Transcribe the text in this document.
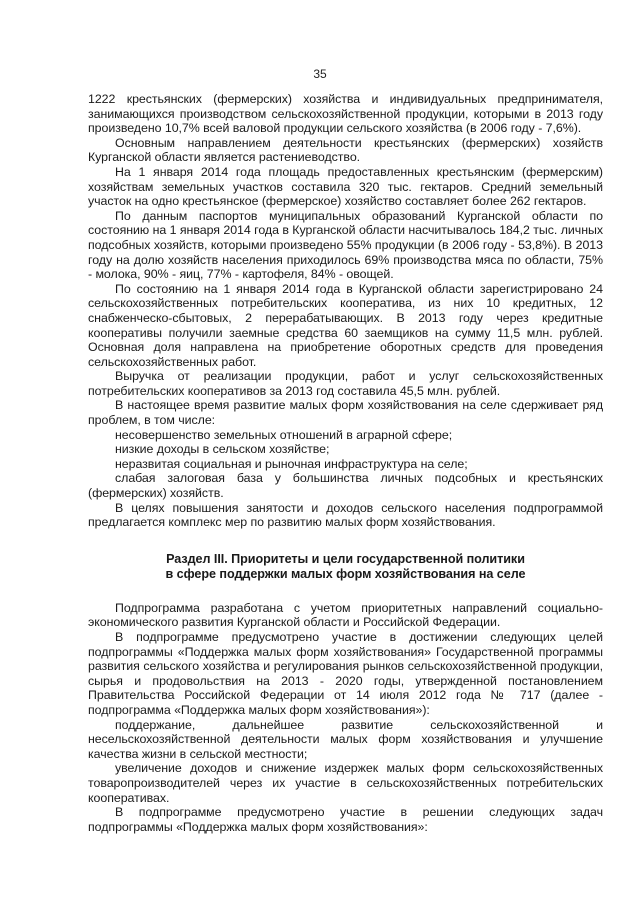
35

1222 крестьянских (фермерских) хозяйства и индивидуальных предпринимателя, занимающихся производством сельскохозяйственной продукции, которыми в 2013 году произведено 10,7% всей валовой продукции сельского хозяйства (в 2006 году - 7,6%).

Основным направлением деятельности крестьянских (фермерских) хозяйств Курганской области является растениеводство.

На 1 января 2014 года площадь предоставленных крестьянским (фермерским) хозяйствам земельных участков составила 320 тыс. гектаров. Средний земельный участок на одно крестьянское (фермерское) хозяйство составляет более 262 гектаров.

По данным паспортов муниципальных образований Курганской области по состоянию на 1 января 2014 года в Курганской области насчитывалось 184,2 тыс. личных подсобных хозяйств, которыми произведено 55% продукции (в 2006 году - 53,8%). В 2013 году на долю хозяйств населения приходилось 69% производства мяса по области, 75% - молока, 90% - яиц, 77% - картофеля, 84% - овощей.

По состоянию на 1 января 2014 года в Курганской области зарегистрировано 24 сельскохозяйственных потребительских кооператива, из них 10 кредитных, 12 снабженческо-сбытовых, 2 перерабатывающих. В 2013 году через кредитные кооперативы получили заемные средства 60 заемщиков на сумму 11,5 млн. рублей. Основная доля направлена на приобретение оборотных средств для проведения сельскохозяйственных работ.

Выручка от реализации продукции, работ и услуг сельскохозяйственных потребительских кооперативов за 2013 год составила 45,5 млн. рублей.

В настоящее время развитие малых форм хозяйствования на селе сдерживает ряд проблем, в том числе:

несовершенство земельных отношений в аграрной сфере;

низкие доходы в сельском хозяйстве;

неразвитая социальная и рыночная инфраструктура на селе;

слабая залоговая база у большинства личных подсобных и крестьянских (фермерских) хозяйств.

В целях повышения занятости и доходов сельского населения подпрограммой предлагается комплекс мер по развитию малых форм хозяйствования.

Раздел III. Приоритеты и цели государственной политики
в сфере поддержки малых форм хозяйствования на селе

Подпрограмма разработана с учетом приоритетных направлений социально-экономического развития Курганской области и Российской Федерации.

В подпрограмме предусмотрено участие в достижении следующих целей подпрограммы «Поддержка малых форм хозяйствования» Государственной программы развития сельского хозяйства и регулирования рынков сельскохозяйственной продукции, сырья и продовольствия на 2013 - 2020 годы, утвержденной постановлением Правительства Российской Федерации от 14 июля 2012 года № 717 (далее - подпрограмма «Поддержка малых форм хозяйствования»):

поддержание, дальнейшее развитие сельскохозяйственной и несельскохозяйственной деятельности малых форм хозяйствования и улучшение качества жизни в сельской местности;

увеличение доходов и снижение издержек малых форм сельскохозяйственных товаропроизводителей через их участие в сельскохозяйственных потребительских кооперативах.

В подпрограмме предусмотрено участие в решении следующих задач подпрограммы «Поддержка малых форм хозяйствования»:
